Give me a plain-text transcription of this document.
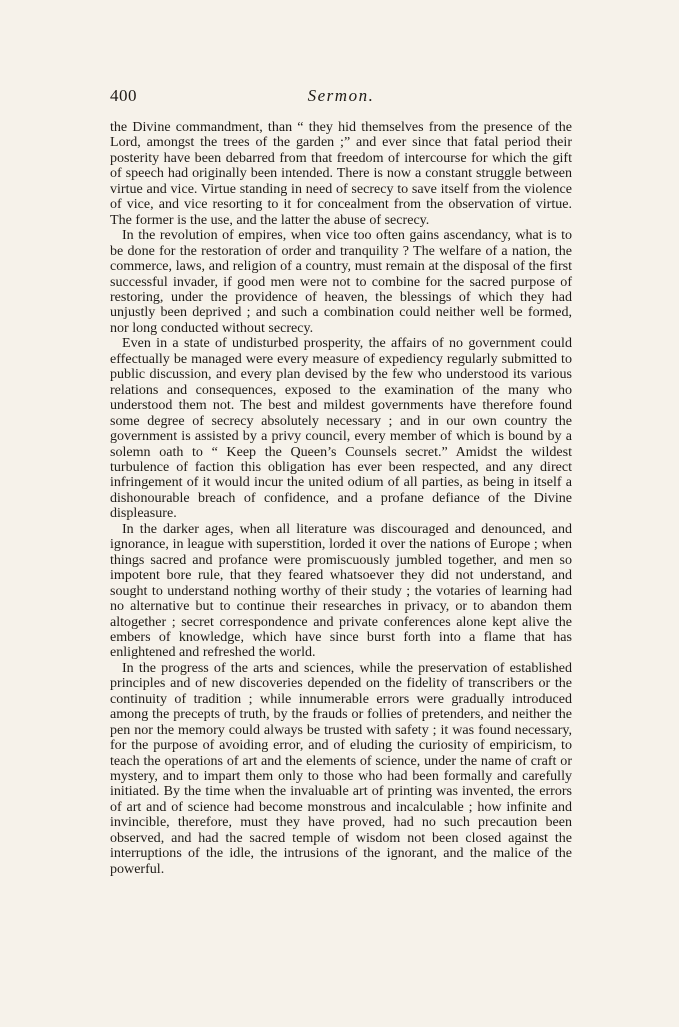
400	Sermon.

the Divine commandment, than “ they hid themselves from the presence of the Lord, amongst the trees of the garden ;” and ever since that fatal period their posterity have been debarred from that freedom of intercourse for which the gift of speech had originally been intended. There is now a constant struggle between virtue and vice. Virtue standing in need of secrecy to save itself from the violence of vice, and vice resorting to it for concealment from the observation of virtue. The former is the use, and the latter the abuse of secrecy.

In the revolution of empires, when vice too often gains ascendancy, what is to be done for the restoration of order and tranquility ? The welfare of a nation, the commerce, laws, and religion of a country, must remain at the disposal of the first successful invader, if good men were not to combine for the sacred purpose of restoring, under the providence of heaven, the blessings of which they had unjustly been deprived ; and such a combination could neither well be formed, nor long conducted without secrecy.

Even in a state of undisturbed prosperity, the affairs of no government could effectually be managed were every measure of expediency regularly submitted to public discussion, and every plan devised by the few who understood its various relations and consequences, exposed to the examination of the many who understood them not. The best and mildest governments have therefore found some degree of secrecy absolutely necessary ; and in our own country the government is assisted by a privy council, every member of which is bound by a solemn oath to “ Keep the Queen’s Counsels secret.” Amidst the wildest turbulence of faction this obligation has ever been respected, and any direct infringement of it would incur the united odium of all parties, as being in itself a dishonourable breach of confidence, and a profane defiance of the Divine displeasure.

In the darker ages, when all literature was discouraged and denounced, and ignorance, in league with superstition, lorded it over the nations of Europe ; when things sacred and profance were promiscuously jumbled together, and men so impotent bore rule, that they feared whatsoever they did not understand, and sought to understand nothing worthy of their study ; the votaries of learning had no alternative but to continue their researches in privacy, or to abandon them altogether ; secret correspondence and private conferences alone kept alive the embers of knowledge, which have since burst forth into a flame that has enlightened and refreshed the world.

In the progress of the arts and sciences, while the preservation of established principles and of new discoveries depended on the fidelity of transcribers or the continuity of tradition ; while innumerable errors were gradually introduced among the precepts of truth, by the frauds or follies of pretenders, and neither the pen nor the memory could always be trusted with safety ; it was found necessary, for the purpose of avoiding error, and of eluding the curiosity of empiricism, to teach the operations of art and the elements of science, under the name of craft or mystery, and to impart them only to those who had been formally and carefully initiated. By the time when the invaluable art of printing was invented, the errors of art and of science had become monstrous and incalculable ; how infinite and invincible, therefore, must they have proved, had no such precaution been observed, and had the sacred temple of wisdom not been closed against the interruptions of the idle, the intrusions of the ignorant, and the malice of the powerful.
